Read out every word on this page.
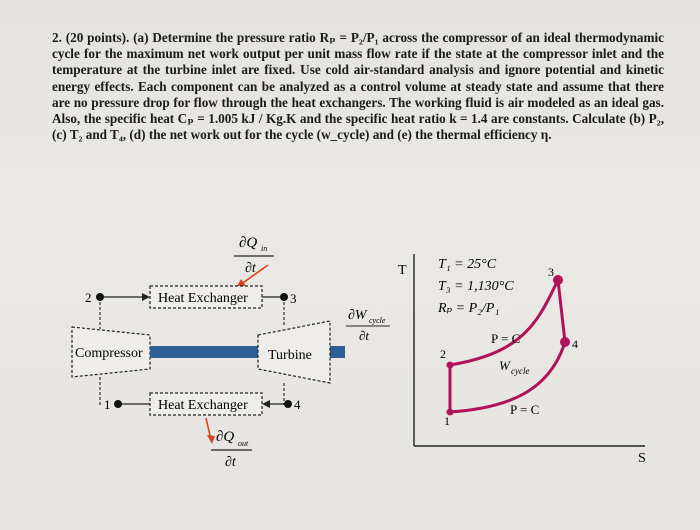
2. (20 points). (a) Determine the pressure ratio Rₚ = P₂/P₁ across the compressor of an ideal thermodynamic cycle for the maximum net work output per unit mass flow rate if the state at the compressor inlet and the temperature at the turbine inlet are fixed. Use cold air-standard analysis and ignore potential and kinetic energy effects. Each component can be analyzed as a control volume at steady state and assume that there are no pressure drop for flow through the heat exchangers. The working fluid is air modeled as an ideal gas. Also, the specific heat Cₚ = 1.005 kJ / Kg.K and the specific heat ratio k = 1.4 are constants. Calculate (b) P₂, (c) T₂ and T₄, (d) the net work out for the cycle (w_cycle) and (e) the thermal efficiency η.
∂Q in
∂t
Heat Exchanger
2	3
Compressor	Turbine
∂W cycle
∂t
Heat Exchanger
1	4
∂Q out
∂t
T
S
T₁ = 25°C
T₃ = 1,130°C
Rₚ = P₂/P₁
1
2
3
4
P = C
W cycle
P = C
